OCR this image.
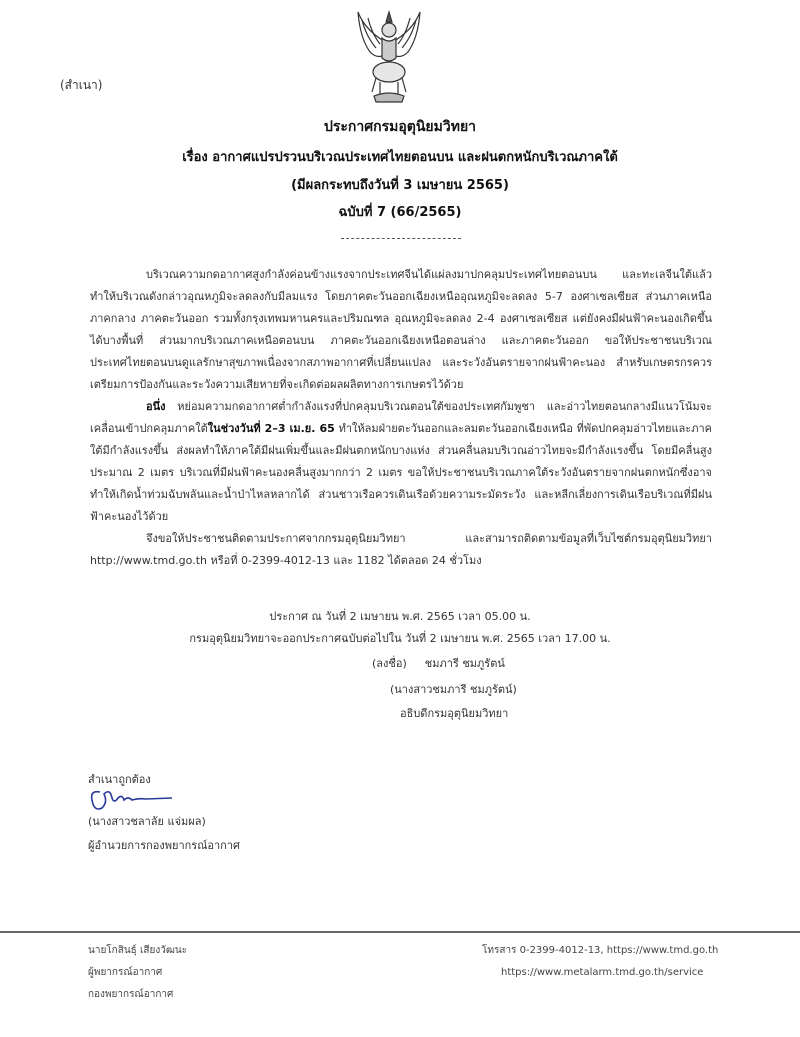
(สำเนา)
ประกาศกรมอุตุนิยมวิทยา
เรื่อง อากาศแปรปรวนบริเวณประเทศไทยตอนบน และฝนตกหนักบริเวณภาคใต้
(มีผลกระทบถึงวันที่ 3 เมษายน 2565)
ฉบับที่ 7 (66/2565)
บริเวณความกดอากาศสูงกำลังค่อนข้างแรงจากประเทศจีนได้แผ่ลงมาปกคลุมประเทศไทยตอนบน และทะเลจีนใต้แล้ว ทำให้บริเวณดังกล่าวอุณหภูมิจะลดลงกับมีลมแรง โดยภาคตะวันออกเฉียงเหนืออุณหภูมิจะลดลง 5-7 องศาเซลเซียส ส่วนภาคเหนือ ภาคกลาง ภาคตะวันออก รวมทั้งกรุงเทพมหานครและปริมณฑล อุณหภูมิจะลดลง 2-4 องศาเซลเซียส แต่ยังคงมีฝนฟ้าคะนองเกิดขึ้นได้บางพื้นที่ ส่วนมากบริเวณภาคเหนือตอนบน ภาคตะวันออกเฉียงเหนือตอนล่าง และภาคตะวันออก ขอให้ประชาชนบริเวณประเทศไทยตอนบนดูแลรักษาสุขภาพเนื่องจากสภาพอากาศที่เปลี่ยนแปลง และระวังอันตรายจากฝนฟ้าคะนอง สำหรับเกษตรกรควรเตรียมการป้องกันและระวังความเสียหายที่จะเกิดต่อผลผลิตทางการเกษตรไว้ด้วย
อนึ่ง หย่อมความกดอากาศต่ำกำลังแรงที่ปกคลุมบริเวณตอนใต้ของประเทศกัมพูชา และอ่าวไทยตอนกลางมีแนวโน้มจะเคลื่อนเข้าปกคลุมภาคใต้ในช่วงวันที่ 2–3 เม.ย. 65 ทำให้ลมฝ่ายตะวันออกและลมตะวันออกเฉียงเหนือ ที่พัดปกคลุมอ่าวไทยและภาคใต้มีกำลังแรงขึ้น ส่งผลทำให้ภาคใต้มีฝนเพิ่มขึ้นและมีฝนตกหนักบางแห่ง ส่วนคลื่นลมบริเวณอ่าวไทยจะมีกำลังแรงขึ้น โดยมีคลื่นสูงประมาณ 2 เมตร บริเวณที่มีฝนฟ้าคะนองคลื่นสูงมากกว่า 2 เมตร ขอให้ประชาชนบริเวณภาคใต้ระวังอันตรายจากฝนตกหนักซึ่งอาจทำให้เกิดน้ำท่วมฉับพลันและน้ำป่าไหลหลากได้ ส่วนชาวเรือควรเดินเรือด้วยความระมัดระวัง และหลีกเลี่ยงการเดินเรือบริเวณที่มีฝนฟ้าคะนองไว้ด้วย
จึงขอให้ประชาชนติดตามประกาศจากกรมอุตุนิยมวิทยา และสามารถติดตามข้อมูลที่เว็บไซต์กรมอุตุนิยมวิทยา http://www.tmd.go.th หรือที่ 0-2399-4012-13 และ 1182 ได้ตลอด 24 ชั่วโมง
ประกาศ ณ วันที่ 2 เมษายน พ.ศ. 2565 เวลา 05.00 น.
กรมอุตุนิยมวิทยาจะออกประกาศฉบับต่อไปใน วันที่ 2 เมษายน พ.ศ. 2565 เวลา 17.00 น.
(ลงชื่อ) ชมภารี ชมภูรัตน์
(นางสาวชมภารี ชมภูรัตน์)
อธิบดีกรมอุตุนิยมวิทยา
สำเนาถูกต้อง
(นางสาวชลาลัย แจ่มผล)
ผู้อำนวยการกองพยากรณ์อากาศ
นายโกสินธุ์ เสียงวัฒนะ
ผู้พยากรณ์อากาศ
กองพยากรณ์อากาศ
โทรสาร 0-2399-4012-13, https://www.tmd.go.th
https://www.metalarm.tmd.go.th/service
